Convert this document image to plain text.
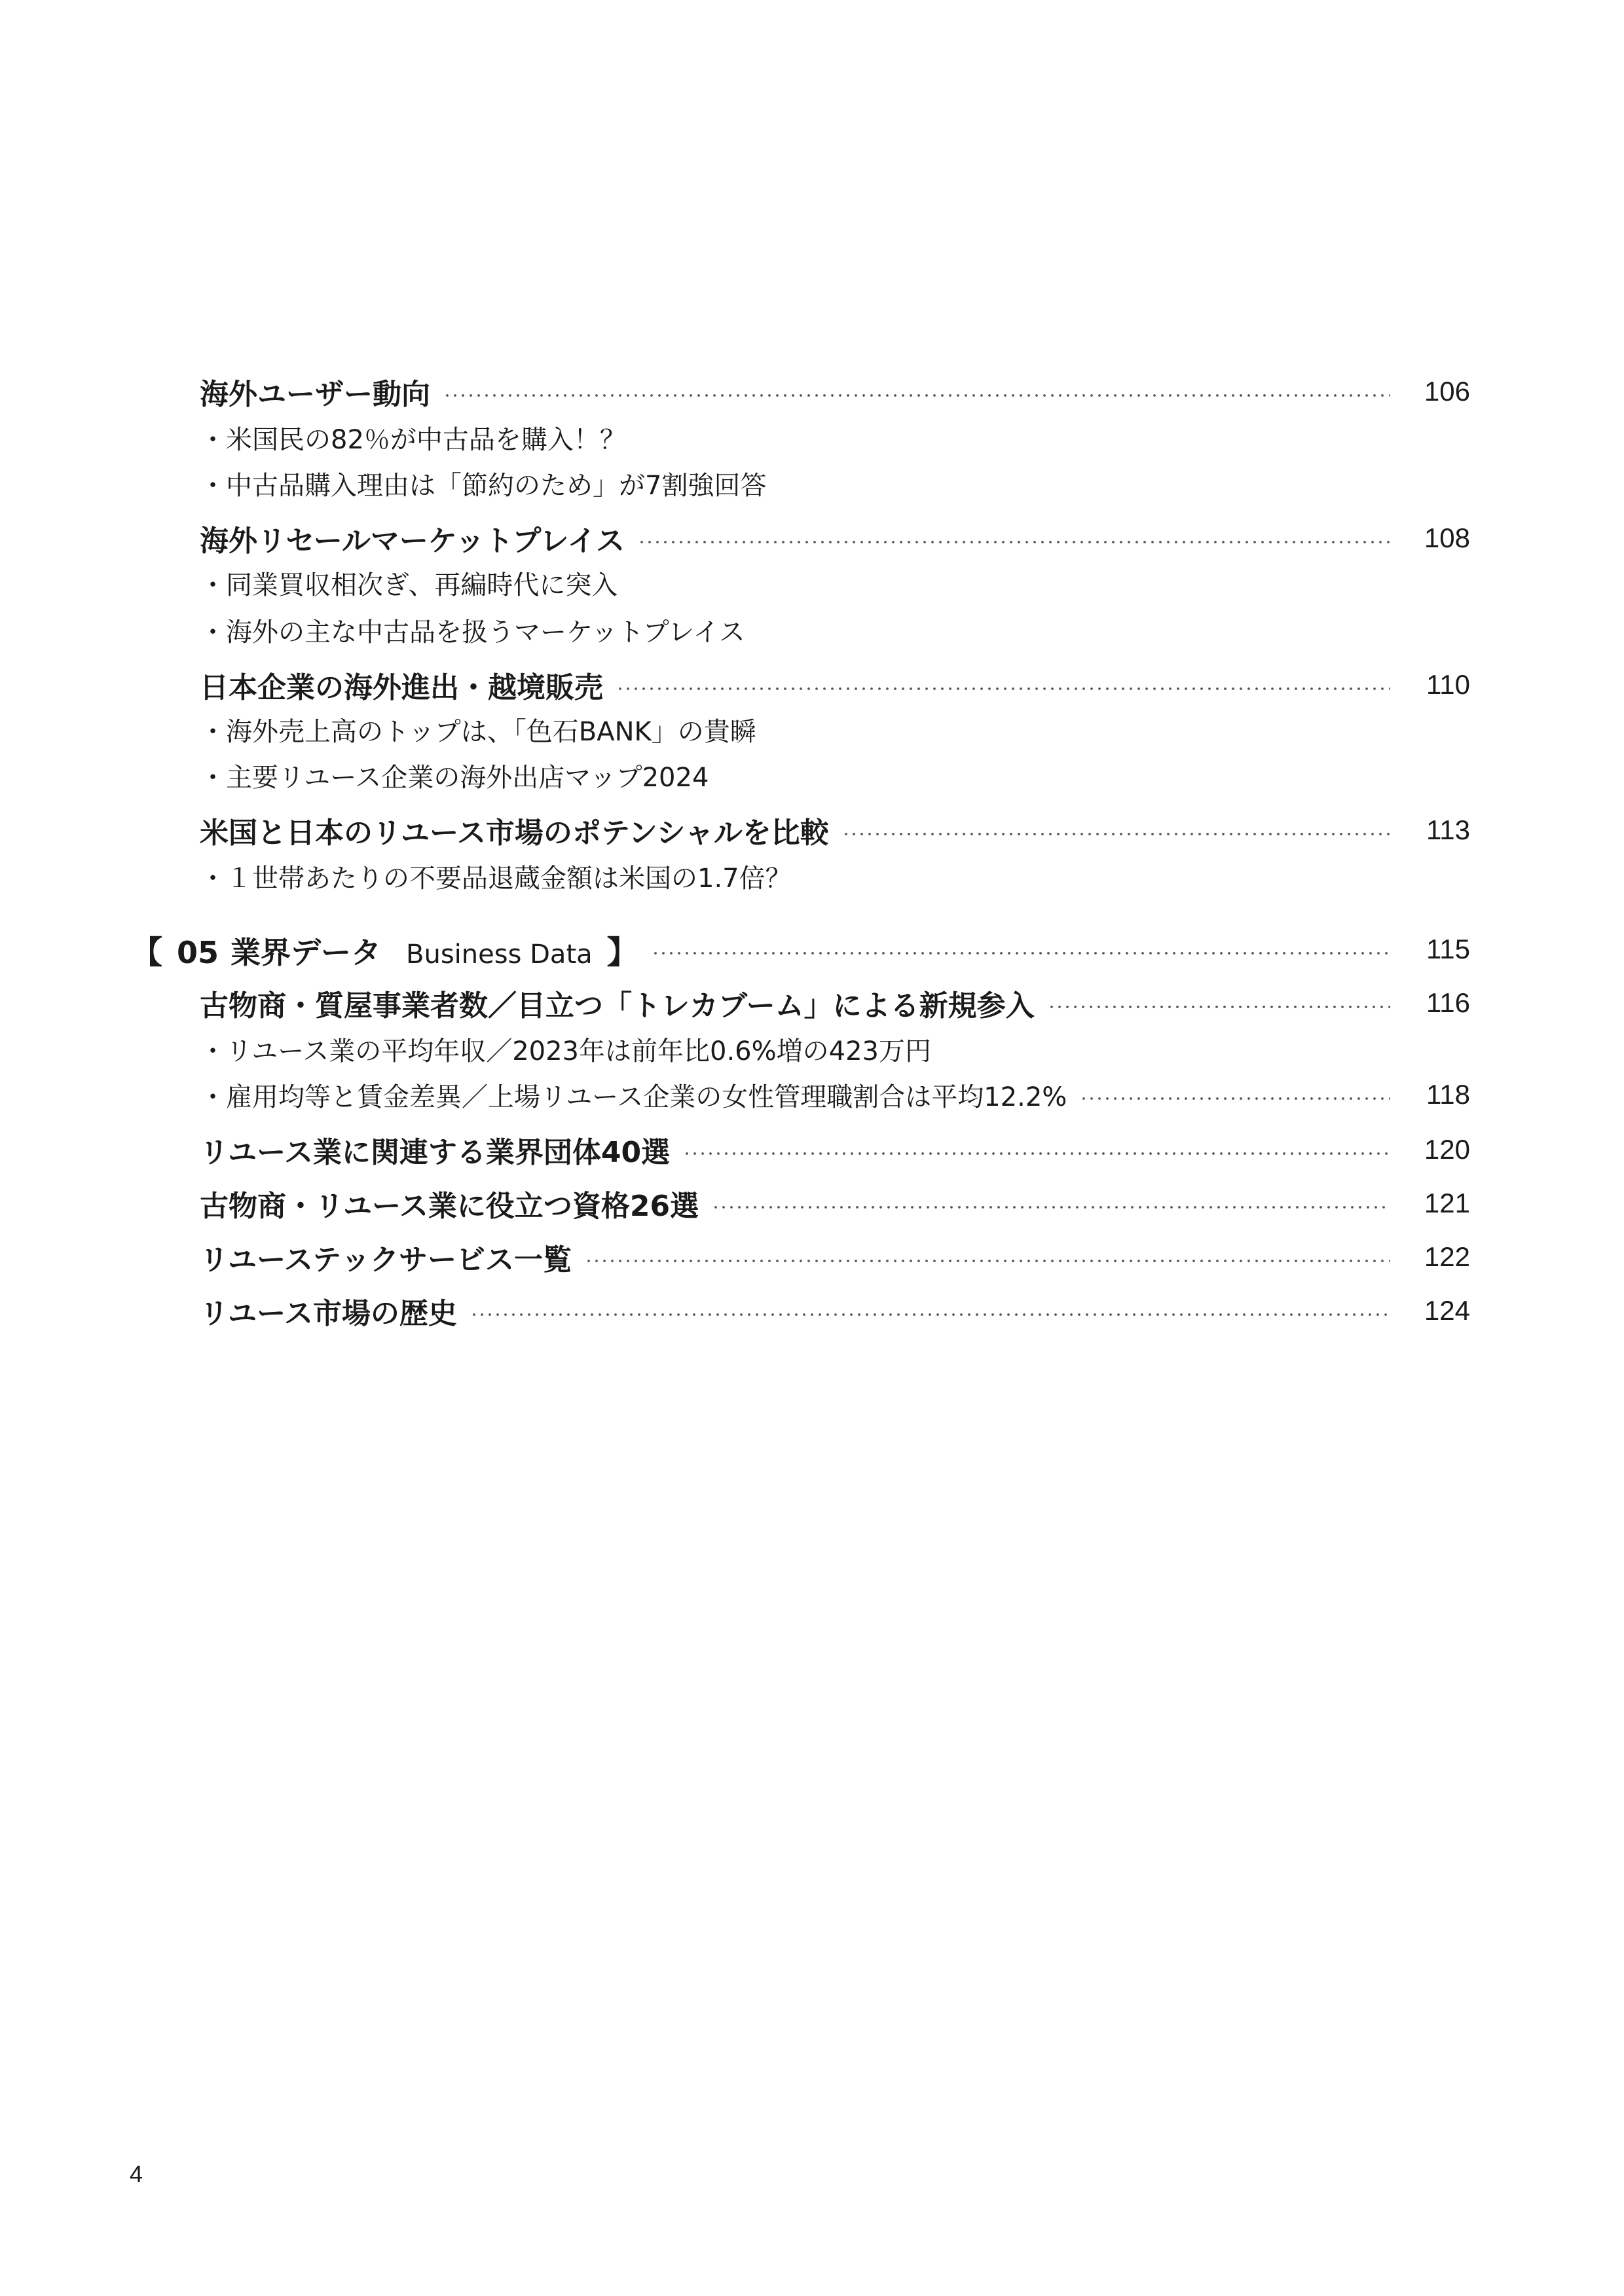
海外ユーザー動向	106
・米国民の82％が中古品を購入！？
・中古品購入理由は「節約のため」が7割強回答
海外リセールマーケットプレイス	108
・同業買収相次ぎ、再編時代に突入
・海外の主な中古品を扱うマーケットプレイス
日本企業の海外進出・越境販売	110
・海外売上高のトップは、「色石BANK」の貴瞬
・主要リユース企業の海外出店マップ2024
米国と日本のリユース市場のポテンシャルを比較	113
・１世帯あたりの不要品退蔵金額は米国の1.7倍？
【 05 業界データ Business Data 】	115
古物商・質屋事業者数／目立つ「トレカブーム」による新規参入	116
・リユース業の平均年収／2023年は前年比0.6%増の423万円
・雇用均等と賃金差異／上場リユース企業の女性管理職割合は平均12.2%	118
リユース業に関連する業界団体40選	120
古物商・リユース業に役立つ資格26選	121
リユーステックサービス一覧	122
リユース市場の歴史	124
4
